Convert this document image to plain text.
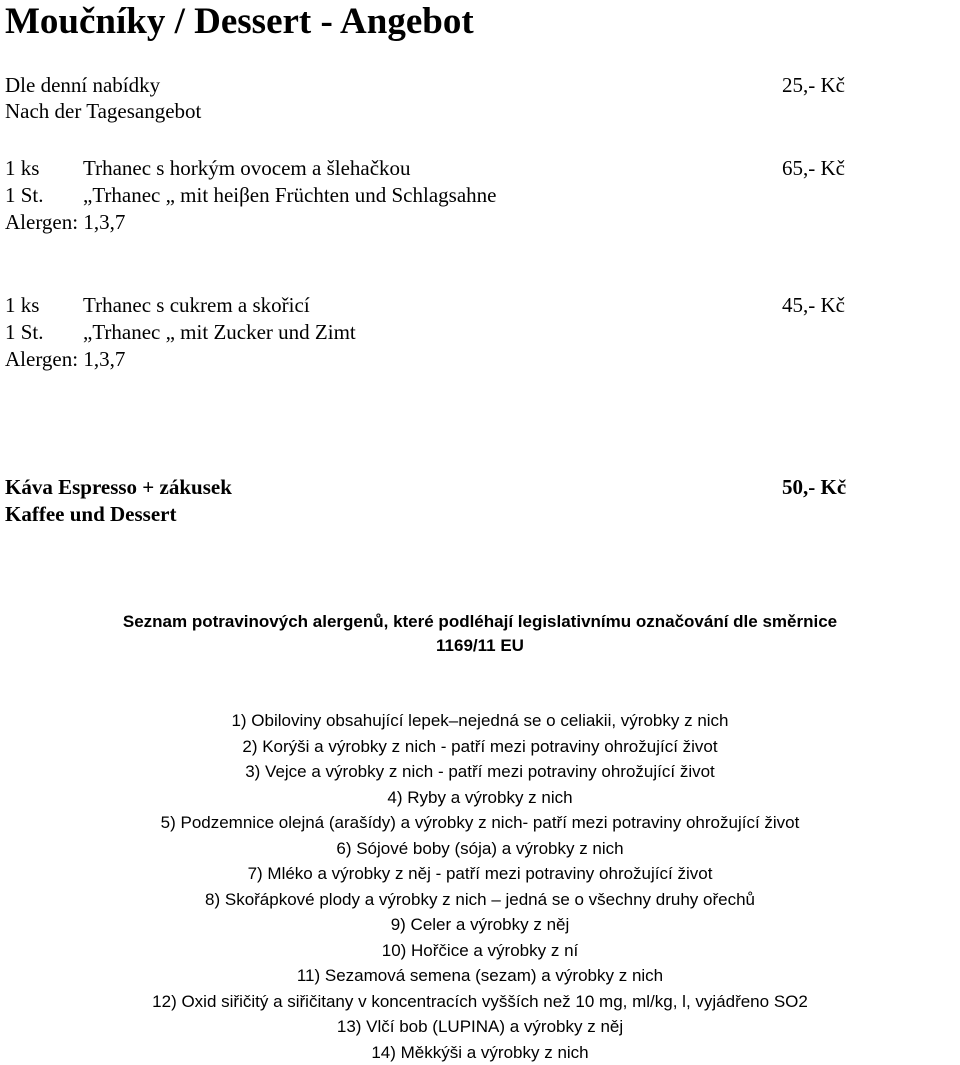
Moučníky / Dessert - Angebot
Dle denní nabídky	25,- Kč
Nach der Tagesangebot
1 ks Trhanec s horkým ovocem a šlehačkou	65,- Kč
1 St. „Trhanec „ mit heiβen Früchten und Schlagsahne
Alergen: 1,3,7
1 ks Trhanec s cukrem a skořicí	45,- Kč
1 St. „Trhanec „ mit Zucker und Zimt
Alergen: 1,3,7
Káva Espresso + zákusek	50,- Kč
Kaffee und Dessert
Seznam potravinových alergenů, které podléhají legislativnímu označování dle směrnice
1169/11 EU
1) Obiloviny obsahující lepek–nejedná se o celiakii, výrobky z nich
2) Korýši a výrobky z nich - patří mezi potraviny ohrožující život
3) Vejce a výrobky z nich - patří mezi potraviny ohrožující život
4) Ryby a výrobky z nich
5) Podzemnice olejná (arašídy) a výrobky z nich- patří mezi potraviny ohrožující život
6) Sójové boby (sója) a výrobky z nich
7) Mléko a výrobky z něj - patří mezi potraviny ohrožující život
8) Skořápkové plody a výrobky z nich – jedná se o všechny druhy ořechů
9) Celer a výrobky z něj
10) Hořčice a výrobky z ní
11) Sezamová semena (sezam) a výrobky z nich
12) Oxid siřičitý a siřičitany v koncentracích vyšších než 10 mg, ml/kg, l, vyjádřeno SO2
13) Vlčí bob (LUPINA) a výrobky z něj
14) Měkkýši a výrobky z nich
